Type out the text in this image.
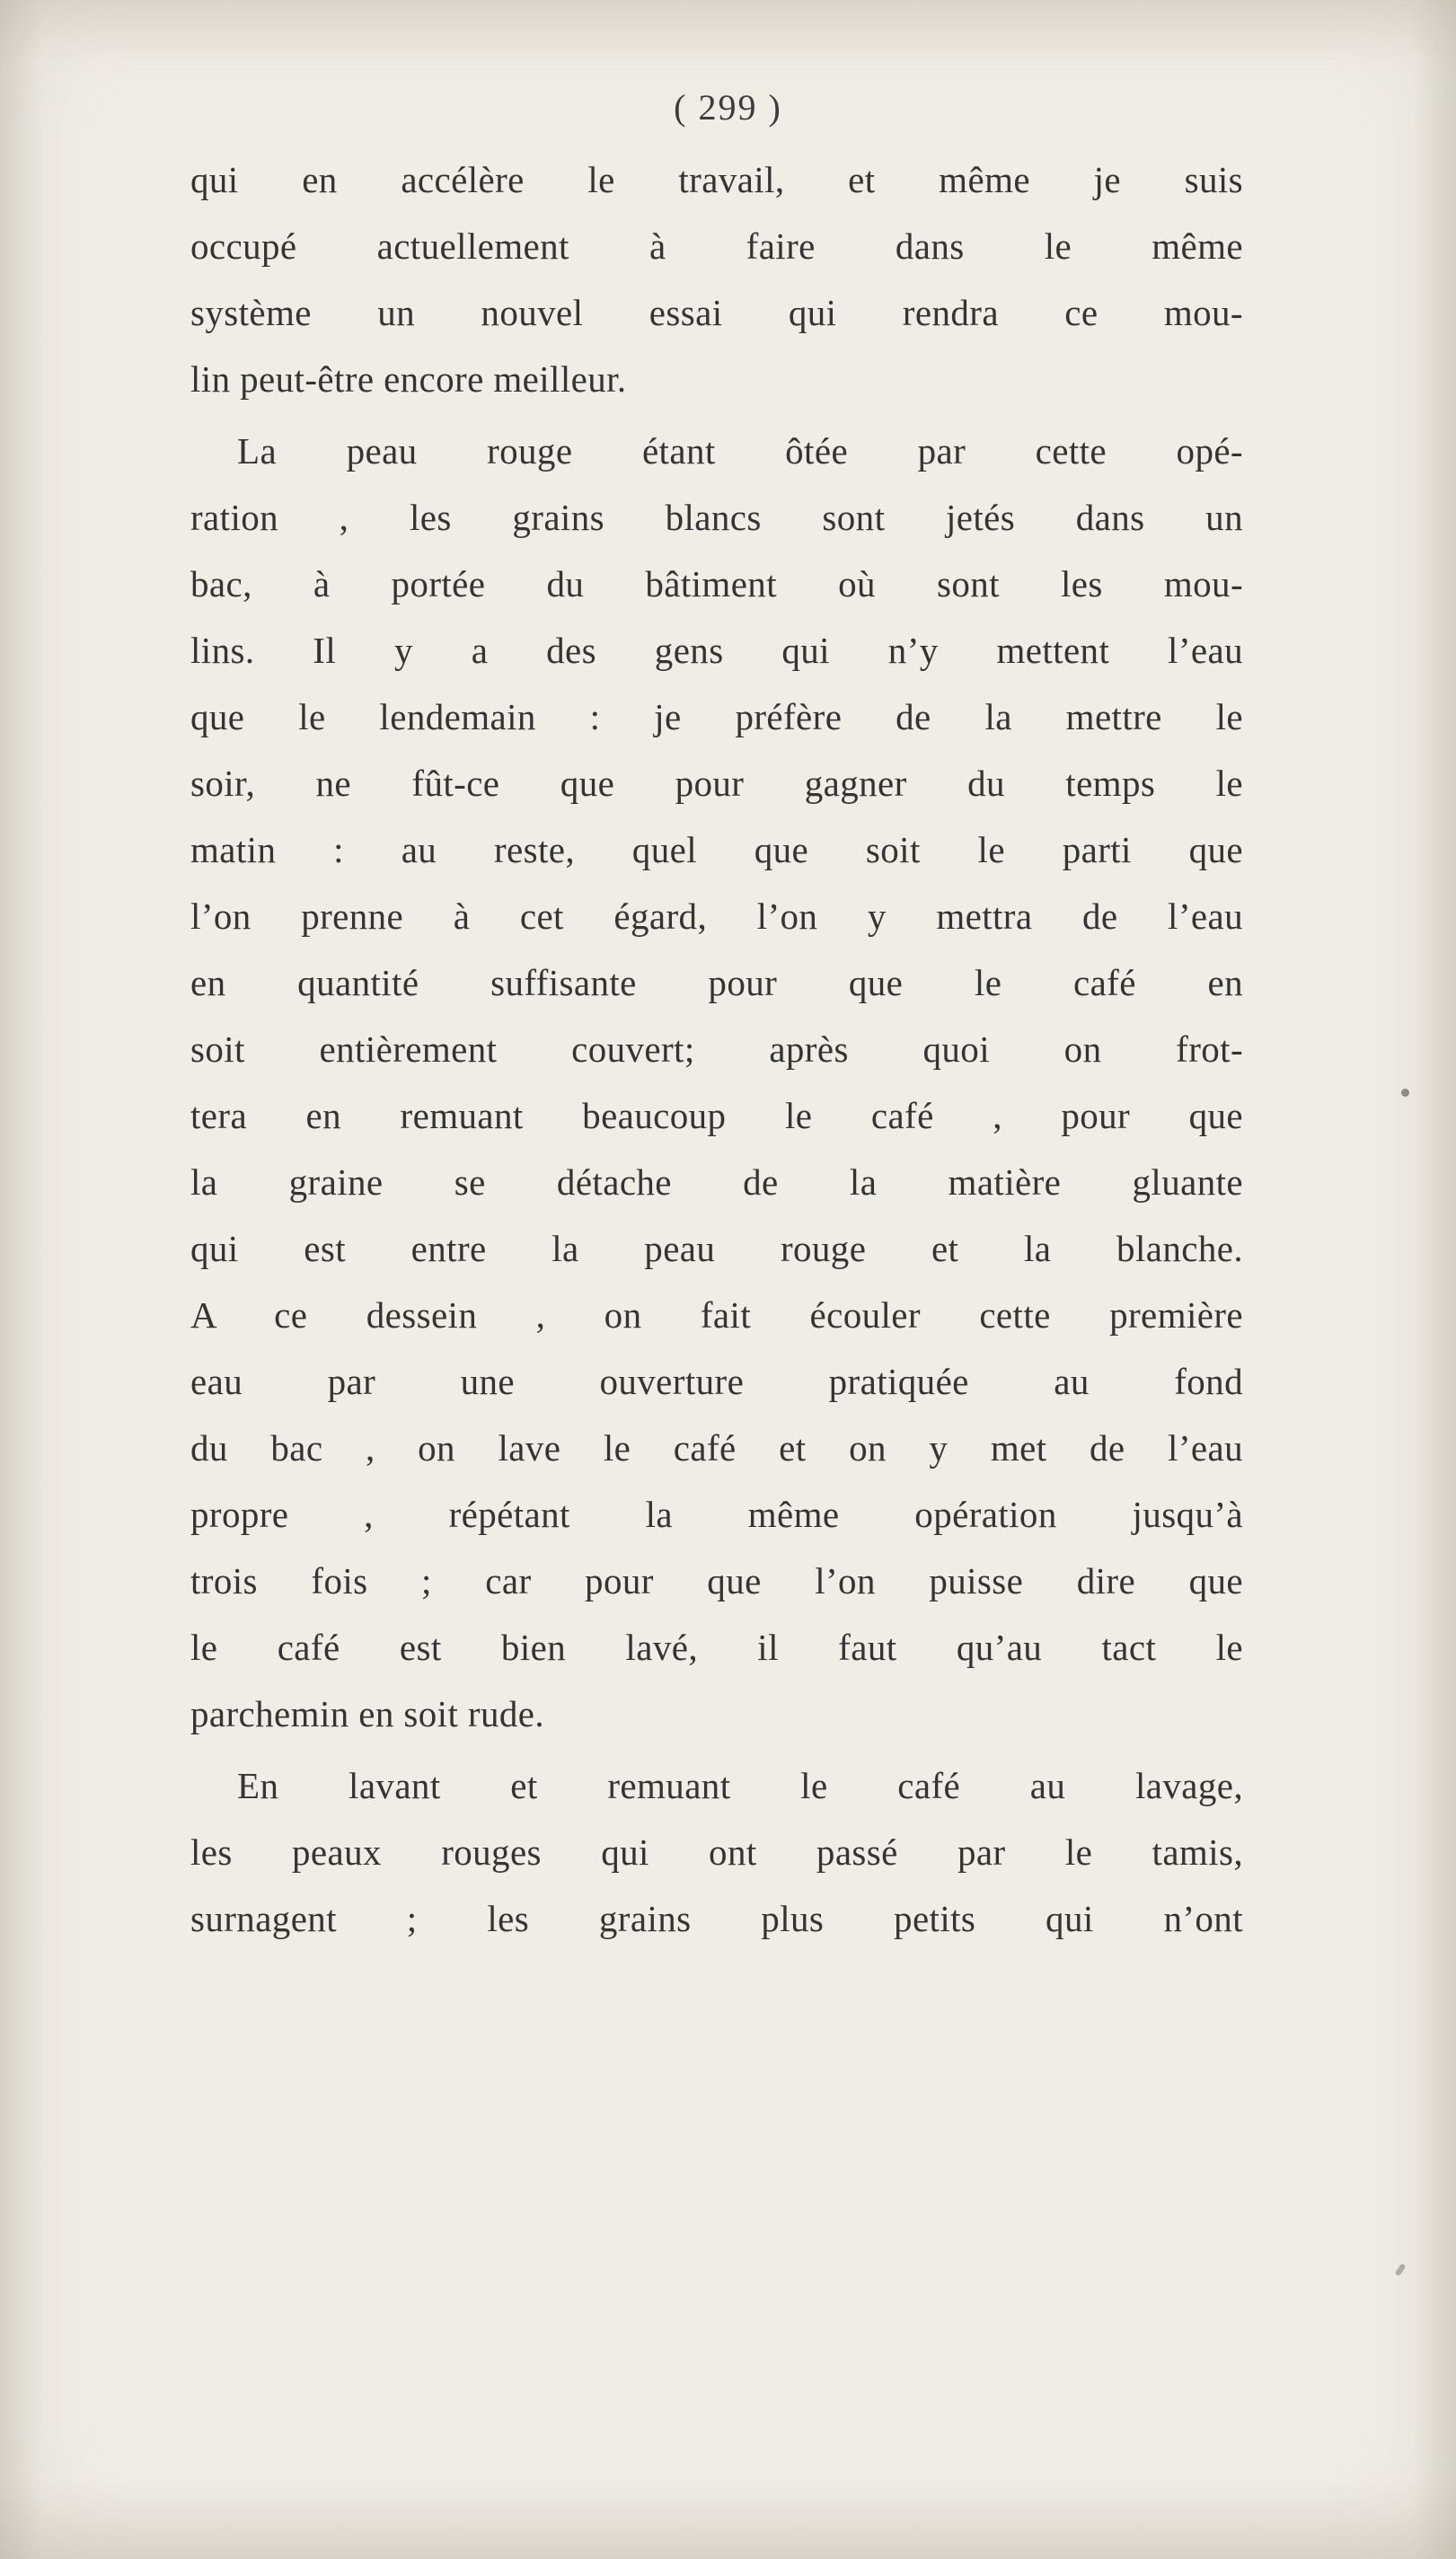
( 299 )
qui en accélère le travail, et même je suis
occupé actuellement à faire dans le même
système un nouvel essai qui rendra ce mou-
lin peut-être encore meilleur.
La peau rouge étant ôtée par cette opé-
ration , les grains blancs sont jetés dans un
bac, à portée du bâtiment où sont les mou-
lins. Il y a des gens qui n’y mettent l’eau
que le lendemain : je préfère de la mettre le
soir, ne fût-ce que pour gagner du temps le
matin : au reste, quel que soit le parti que
l’on prenne à cet égard, l’on y mettra de l’eau
en quantité suffisante pour que le café en
soit entièrement couvert; après quoi on frot-
tera en remuant beaucoup le café , pour que
la graine se détache de la matière gluante
qui est entre la peau rouge et la blanche.
A ce dessein , on fait écouler cette première
eau par une ouverture pratiquée au fond
du bac , on lave le café et on y met de l’eau
propre , répétant la même opération jusqu’à
trois fois ; car pour que l’on puisse dire que
le café est bien lavé, il faut qu’au tact le
parchemin en soit rude.
En lavant et remuant le café au lavage,
les peaux rouges qui ont passé par le tamis,
surnagent ; les grains plus petits qui n’ont
